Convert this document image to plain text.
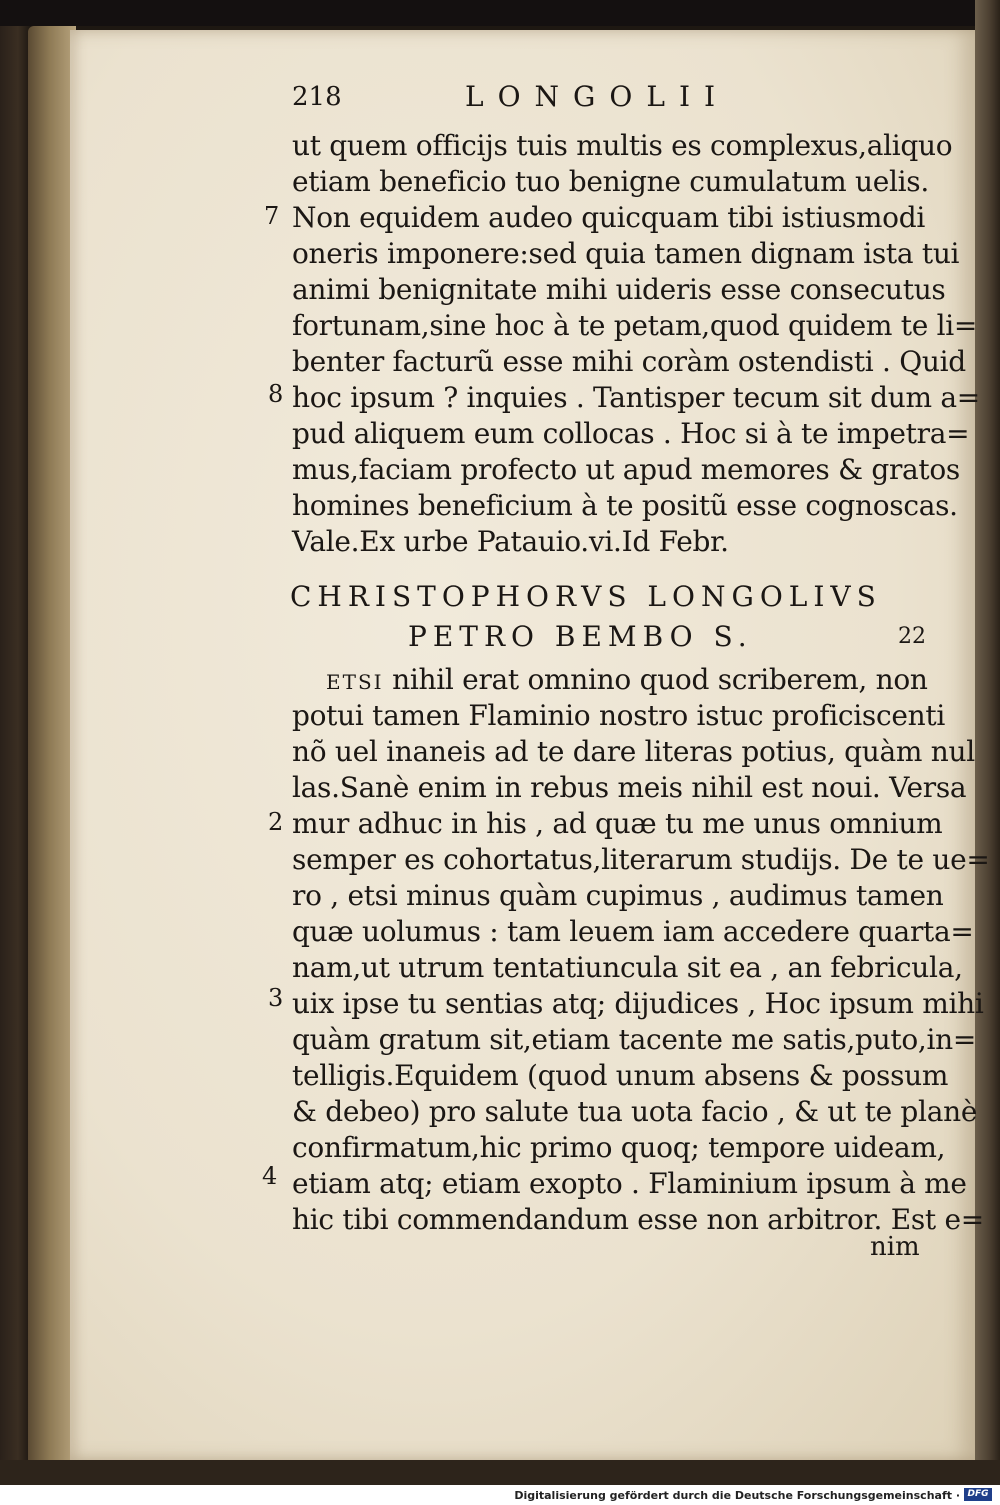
218	LONGOLII
ut quem officijs tuis multis es complexus,aliquo
etiam beneficio tuo benigne cumulatum uelis.
Non equidem audeo quicquam tibi istiusmodi
oneris imponere:sed quia tamen dignam ista tui
animi benignitate mihi uideris esse consecutus
fortunam,sine hoc à te petam,quod quidem te li=
benter facturũ esse mihi coràm ostendisti . Quid
hoc ipsum ? inquies . Tantisper tecum sit dum a=
pud aliquem eum collocas . Hoc si à te impetra=
mus,faciam profecto ut apud memores & gratos
homines beneficium à te positũ esse cognoscas.
Vale.Ex urbe Patauio.vi.Id Febr.
7
8
CHRISTOPHORVS LONGOLIVS
PETRO BEMBO S.	22
ETSI nihil erat omnino quod scriberem, non
potui tamen Flaminio nostro istuc proficiscenti
nõ uel inaneis ad te dare literas potius, quàm nul
las.Sanè enim in rebus meis nihil est noui. Versa
mur adhuc in his , ad quæ tu me unus omnium
semper es cohortatus,literarum studijs. De te ue=
ro , etsi minus quàm cupimus , audimus tamen
quæ uolumus : tam leuem iam accedere quarta=
nam,ut utrum tentatiuncula sit ea , an febricula,
uix ipse tu sentias atq; dijudices , Hoc ipsum mihi
quàm gratum sit,etiam tacente me satis,puto,in=
telligis.Equidem (quod unum absens & possum
& debeo) pro salute tua uota facio , & ut te planè
confirmatum,hic primo quoq; tempore uideam,
etiam atq; etiam exopto . Flaminium ipsum à me
hic tibi commendandum esse non arbitror. Est e=
2
3
4
nim
Digitalisierung gefördert durch die Deutsche Forschungsgemeinschaft · DFG
